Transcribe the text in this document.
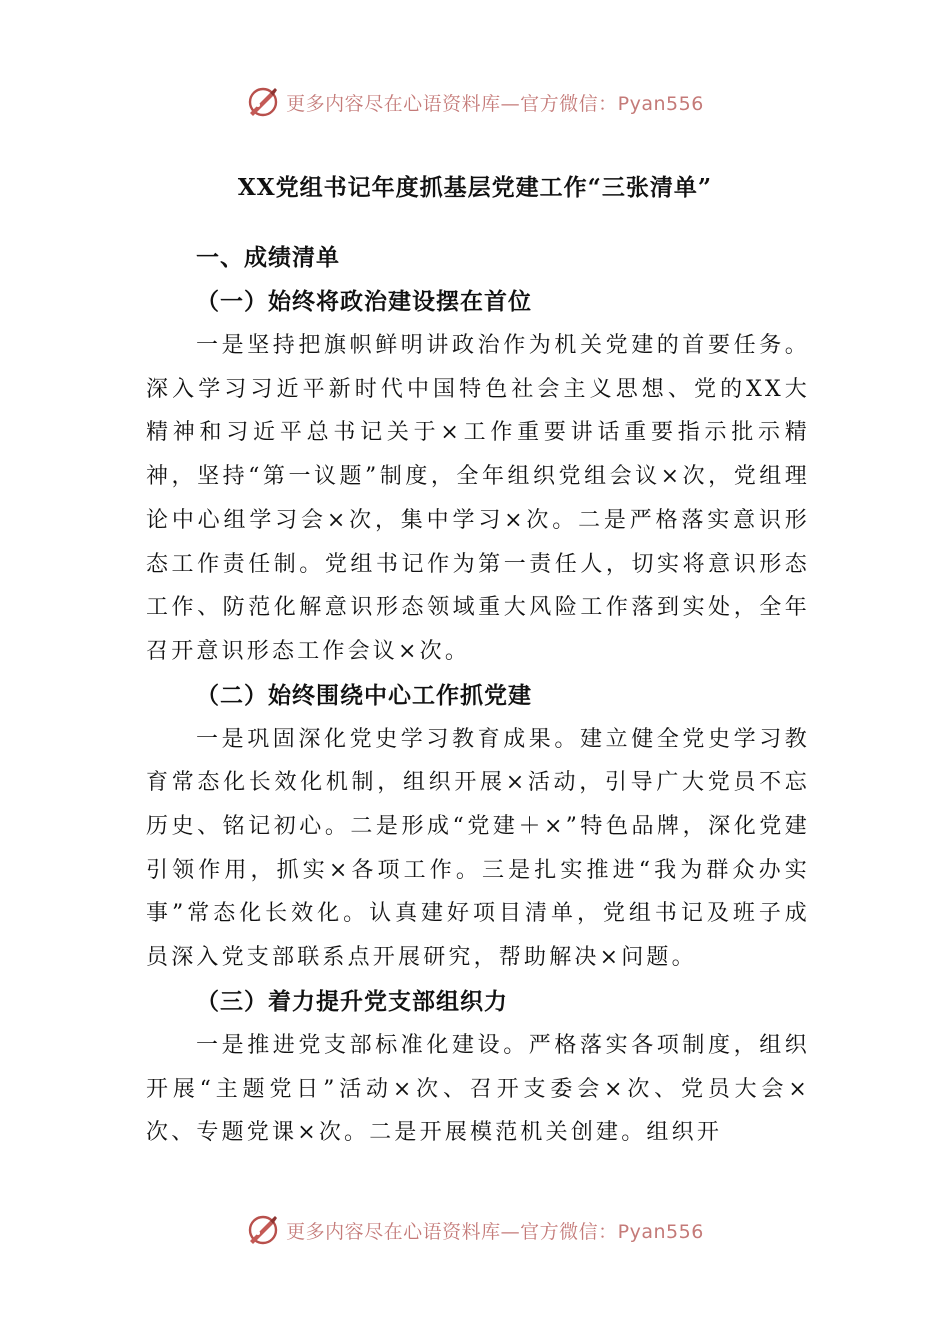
更多内容尽在心语资料库—官方微信：Pyan556
XX党组书记年度抓基层党建工作“三张清单”

一、成绩清单

（一）始终将政治建设摆在首位

一是坚持把旗帜鲜明讲政治作为机关党建的首要任务。深入学习习近平新时代中国特色社会主义思想、党的XX大精神和习近平总书记关于×工作重要讲话重要指示批示精神，坚持“第一议题”制度，全年组织党组会议×次，党组理论中心组学习会×次，集中学习×次。二是严格落实意识形态工作责任制。党组书记作为第一责任人，切实将意识形态工作、防范化解意识形态领域重大风险工作落到实处，全年召开意识形态工作会议×次。

（二）始终围绕中心工作抓党建

一是巩固深化党史学习教育成果。建立健全党史学习教育常态化长效化机制，组织开展×活动，引导广大党员不忘历史、铭记初心。二是形成“党建＋×”特色品牌，深化党建引领作用，抓实×各项工作。三是扎实推进“我为群众办实事”常态化长效化。认真建好项目清单，党组书记及班子成员深入党支部联系点开展研究，帮助解决×问题。

（三）着力提升党支部组织力

一是推进党支部标准化建设。严格落实各项制度，组织开展“主题党日”活动×次、召开支委会×次、党员大会×次、专题党课×次。二是开展模范机关创建。组织开

更多内容尽在心语资料库—官方微信：Pyan556
